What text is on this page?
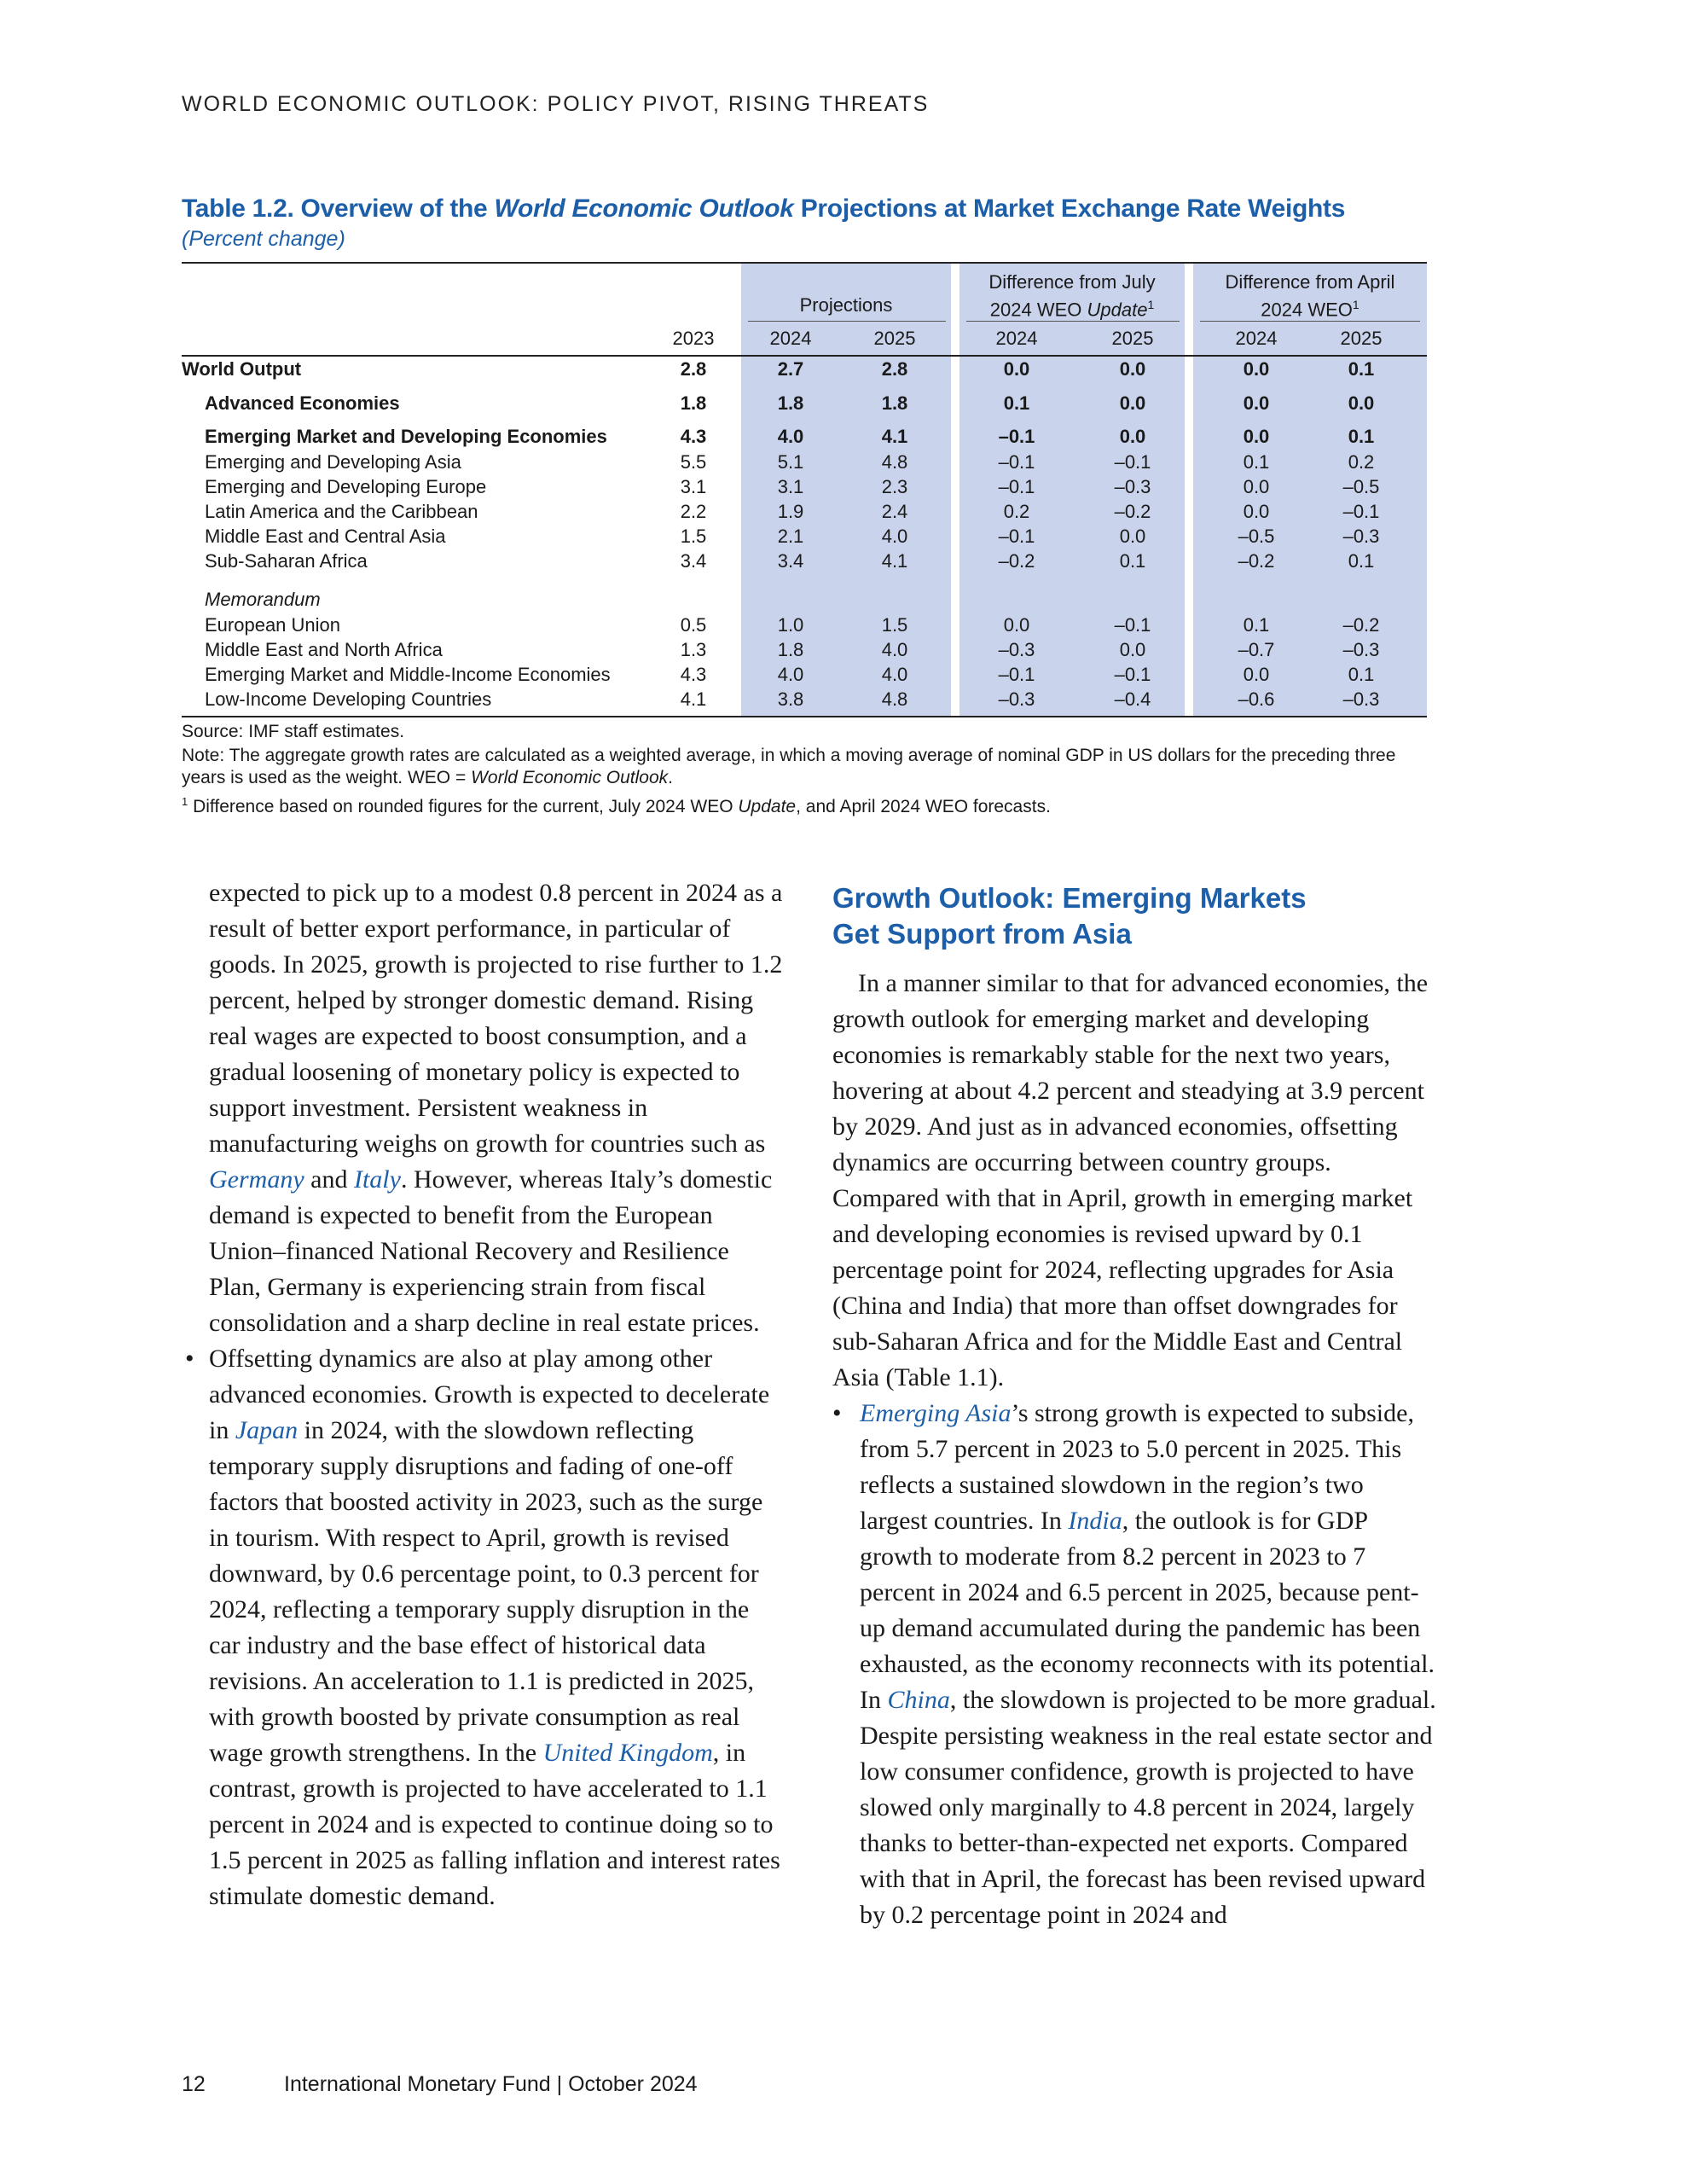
WORLD ECONOMIC OUTLOOK: POLICY PIVOT, RISING THREATS
Table 1.2. Overview of the World Economic Outlook Projections at Market Exchange Rate Weights
(Percent change)
Projections
Difference from July
2024 WEO Update$^1$
Difference from April
2024 WEO$^1$
2023	2024	2025	2024	2025	2024	2025
World Output	2.8	2.7	2.8	0.0	0.0	0.0	0.1
Advanced Economies	1.8	1.8	1.8	0.1	0.0	0.0	0.0
Emerging Market and Developing Economies	4.3	4.0	4.1	–0.1	0.0	0.0	0.1
Emerging and Developing Asia	5.5	5.1	4.8	–0.1	–0.1	0.1	0.2
Emerging and Developing Europe	3.1	3.1	2.3	–0.1	–0.3	0.0	–0.5
Latin America and the Caribbean	2.2	1.9	2.4	0.2	–0.2	0.0	–0.1
Middle East and Central Asia	1.5	2.1	4.0	–0.1	0.0	–0.5	–0.3
Sub-Saharan Africa	3.4	3.4	4.1	–0.2	0.1	–0.2	0.1
Memorandum
European Union	0.5	1.0	1.5	0.0	–0.1	0.1	–0.2
Middle East and North Africa	1.3	1.8	4.0	–0.3	0.0	–0.7	–0.3
Emerging Market and Middle-Income Economies	4.3	4.0	4.0	–0.1	–0.1	0.0	0.1
Low-Income Developing Countries	4.1	3.8	4.8	–0.3	–0.4	–0.6	–0.3

Source: IMF staff estimates.

Note: The aggregate growth rates are calculated as a weighted average, in which a moving average of nominal GDP in US dollars for the preceding three years is used as the weight. WEO = World Economic Outlook.

$^1$ Difference based on rounded figures for the current, July 2024 WEO Update, and April 2024 WEO forecasts.

expected to pick up to a modest 0.8 percent in 2024 as a result of better export performance, in particular of goods. In 2025, growth is projected to rise further to 1.2 percent, helped by stronger domestic demand. Rising real wages are expected to boost consumption, and a gradual loosening of monetary policy is expected to support investment. Persistent weakness in manufacturing weighs on growth for countries such as Germany and Italy. However, whereas Italy’s domestic demand is expected to benefit from the European Union–financed National Recovery and Resilience Plan, Germany is experiencing strain from fiscal consolidation and a sharp decline in real estate prices.

• Offsetting dynamics are also at play among other advanced economies. Growth is expected to decelerate in Japan in 2024, with the slowdown reflecting temporary supply disruptions and fading of one-off factors that boosted activity in 2023, such as the surge in tourism. With respect to April, growth is revised downward, by 0.6 percentage point, to 0.3 percent for 2024, reflecting a temporary supply disruption in the car industry and the base effect of historical data revisions. An acceleration to 1.1 is predicted in 2025, with growth boosted by private consumption as real wage growth strengthens. In the United Kingdom, in contrast, growth is projected to have accelerated to 1.1 percent in 2024 and is expected to continue doing so to 1.5 percent in 2025 as falling inflation and interest rates stimulate domestic demand.
Growth Outlook: Emerging Markets Get Support from Asia

In a manner similar to that for advanced economies, the growth outlook for emerging market and developing economies is remarkably stable for the next two years, hovering at about 4.2 percent and steadying at 3.9 percent by 2029. And just as in advanced economies, offsetting dynamics are occurring between country groups. Compared with that in April, growth in emerging market and developing economies is revised upward by 0.1 percentage point for 2024, reflecting upgrades for Asia (China and India) that more than offset downgrades for sub-Saharan Africa and for the Middle East and Central Asia (Table 1.1).

• Emerging Asia’s strong growth is expected to subside, from 5.7 percent in 2023 to 5.0 percent in 2025. This reflects a sustained slowdown in the region’s two largest countries. In India, the outlook is for GDP growth to moderate from 8.2 percent in 2023 to 7 percent in 2024 and 6.5 percent in 2025, because pent-up demand accumulated during the pandemic has been exhausted, as the economy reconnects with its potential. In China, the slowdown is projected to be more gradual. Despite persisting weakness in the real estate sector and low consumer confidence, growth is projected to have slowed only marginally to 4.8 percent in 2024, largely thanks to better-than-expected net exports. Compared with that in April, the forecast has been revised upward by 0.2 percentage point in 2024 and
12	International Monetary Fund | October 2024
